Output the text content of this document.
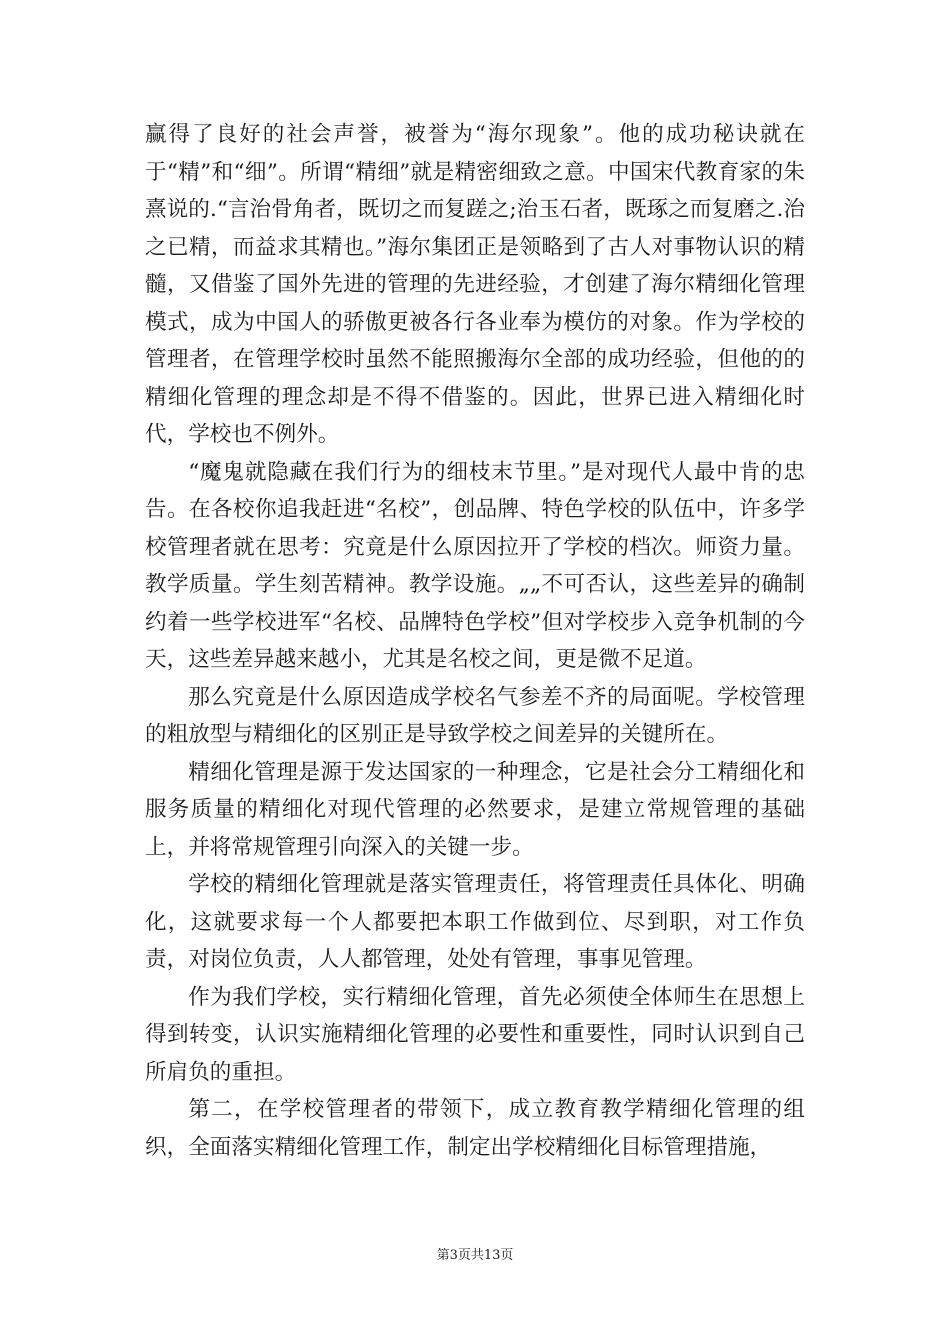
赢得了良好的社会声誉，被誉为“海尔现象”。他的成功秘诀就在于“精”和“细”。所谓“精细”就是精密细致之意。中国宋代教育家的朱熹说的.“言治骨角者，既切之而复蹉之;治玉石者，既琢之而复磨之.治之已精，而益求其精也。”海尔集团正是领略到了古人对事物认识的精髓，又借鉴了国外先进的管理的先进经验，才创建了海尔精细化管理模式，成为中国人的骄傲更被各行各业奉为模仿的对象。作为学校的管理者，在管理学校时虽然不能照搬海尔全部的成功经验，但他的的精细化管理的理念却是不得不借鉴的。因此，世界已进入精细化时代，学校也不例外。

“魔鬼就隐藏在我们行为的细枝末节里。”是对现代人最中肯的忠告。在各校你追我赶进“名校”，创品牌、特色学校的队伍中，许多学校管理者就在思考：究竟是什么原因拉开了学校的档次。师资力量。教学质量。学生刻苦精神。教学设施。„„不可否认，这些差异的确制约着一些学校进军“名校、品牌特色学校”但对学校步入竞争机制的今天，这些差异越来越小，尤其是名校之间，更是微不足道。

那么究竟是什么原因造成学校名气参差不齐的局面呢。学校管理的粗放型与精细化的区别正是导致学校之间差异的关键所在。

精细化管理是源于发达国家的一种理念，它是社会分工精细化和服务质量的精细化对现代管理的必然要求，是建立常规管理的基础上，并将常规管理引向深入的关键一步。

学校的精细化管理就是落实管理责任，将管理责任具体化、明确化，这就要求每一个人都要把本职工作做到位、尽到职，对工作负责，对岗位负责，人人都管理，处处有管理，事事见管理。

作为我们学校，实行精细化管理，首先必须使全体师生在思想上得到转变，认识实施精细化管理的必要性和重要性，同时认识到自己所肩负的重担。

第二，在学校管理者的带领下，成立教育教学精细化管理的组织，全面落实精细化管理工作，制定出学校精细化目标管理措施，

第3页共13页
